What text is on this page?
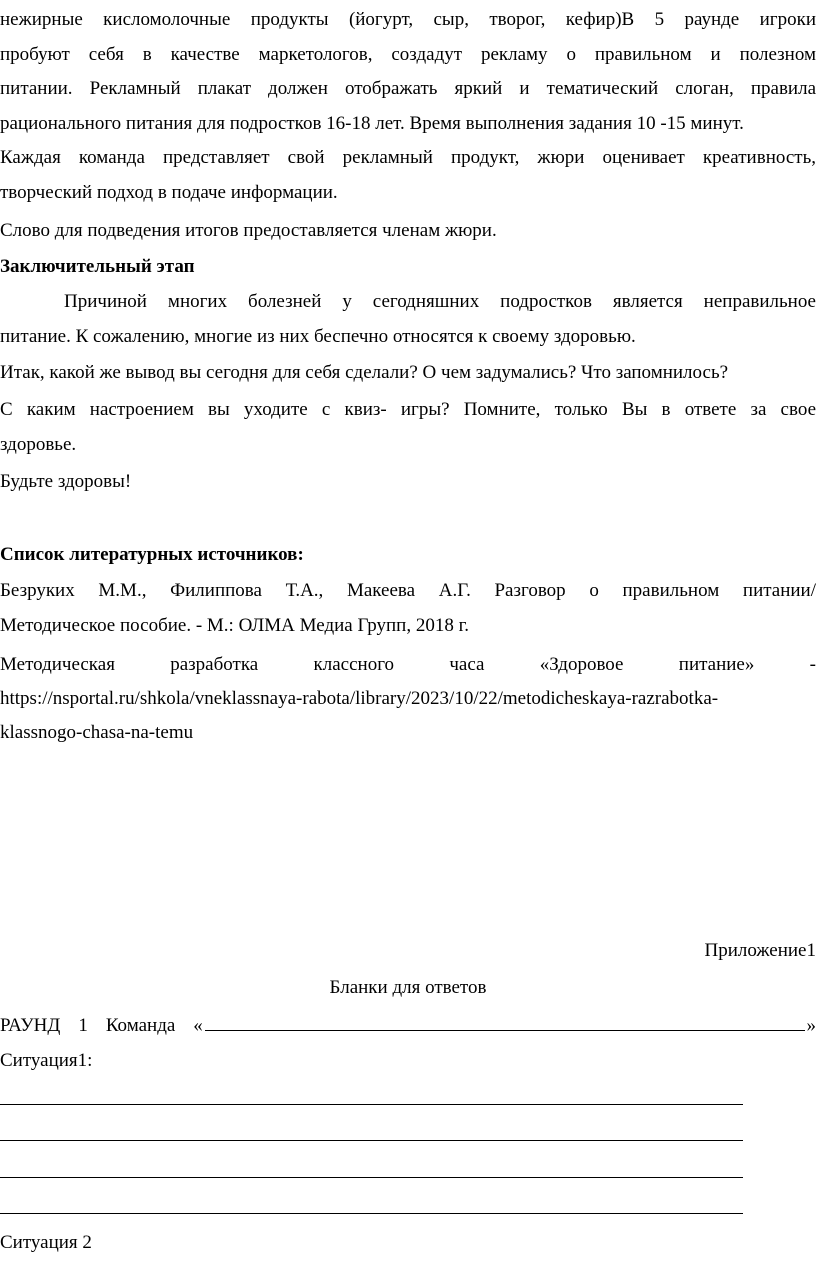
нежирные кисломолочные продукты (йогурт, сыр, творог, кефир)В 5 раунде игроки
пробуют себя в качестве маркетологов, создадут рекламу о правильном и полезном
питании. Рекламный плакат должен отображать яркий и тематический слоган, правила
рационального питания для подростков 16-18 лет. Время выполнения задания 10 -15 минут.
Каждая команда представляет свой рекламный продукт, жюри оценивает креативность,
творческий подход в подаче информации.
Слово для подведения итогов предоставляется членам жюри.
Заключительный этап
Причиной многих болезней у сегодняшних подростков является неправильное
питание. К сожалению, многие из них беспечно относятся к своему здоровью.
Итак, какой же вывод вы сегодня для себя сделали? О чем задумались? Что запомнилось?
С каким настроением вы уходите с квиз- игры? Помните, только Вы в ответе за свое
здоровье.
Будьте здоровы!
Список литературных источников:
Безруких М.М., Филиппова Т.А., Макеева А.Г. Разговор о правильном питании/
Методическое пособие. - М.: ОЛМА Медиа Групп, 2018 г.
Методическая разработка классного часа «Здоровое питание» -
https://nsportal.ru/shkola/vneklassnaya-rabota/library/2023/10/22/metodicheskaya-razrabotka-
klassnogo-chasa-na-temu
Приложение1
Бланки для ответов
РАУНД 1 Команда «	»
Ситуация1:
Ситуация 2
